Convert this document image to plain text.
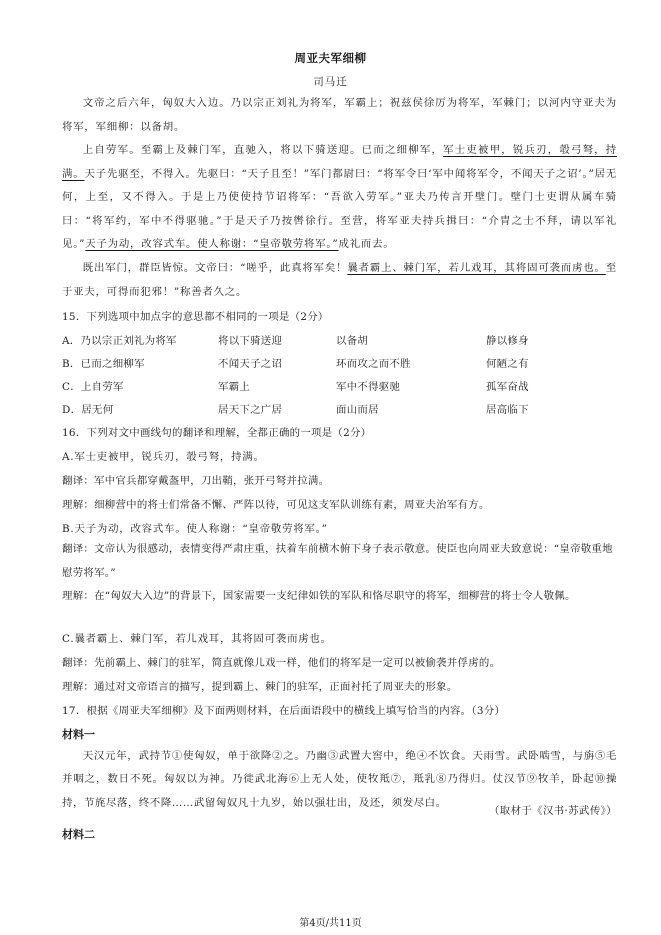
周亚夫军细柳
司马迁

文帝之后六年，匈奴大入边。乃以宗正刘礼为将军，军霸上；祝兹侯徐厉为将军，军棘门；以河内守亚夫为将军，军细柳：以备胡。

上自劳军。至霸上及棘门军，直驰入，将以下骑送迎。已而之细柳军，军士吏被甲，锐兵刃，彀弓弩，持满。天子先驱至，不得入。先驱曰：“天子且至！”军门都尉曰：“将军令曰‘军中闻将军令，不闻天子之诏’。”居无何，上至，又不得入。于是上乃使使持节诏将军：“吾欲入劳军。”亚夫乃传言开壁门。壁门士吏谓从属车骑曰：“将军约，军中不得驱驰。”于是天子乃按辔徐行。至营，将军亚夫持兵揖曰：“介胄之士不拜，请以军礼见。”天子为动，改容式车。使人称谢：“皇帝敬劳将军。”成礼而去。

既出军门，群臣皆惊。文帝曰：“嗟乎，此真将军矣！曩者霸上、棘门军，若儿戏耳，其将固可袭而虏也。至于亚夫，可得而犯邪！”称善者久之。

15．下列选项中加点字的意思都不相同的一项是（2分）
A．乃以宗正刘礼为将军	将以下骑送迎	以备胡	静以修身
B．已而之细柳军	不闻天子之诏	环而攻之而不胜	何陋之有
C．上自劳军	军霸上	军中不得驱驰	孤军奋战
D．居无何	居天下之广居	面山而居	居高临下
16．下列对文中画线句的翻译和理解，全都正确的一项是（2分）
A.军士吏被甲，锐兵刃，彀弓弩，持满。
翻译：军中官兵都穿戴盔甲，刀出鞘，张开弓弩并拉满。
理解：细柳营中的将士们常备不懈、严阵以待，可见这支军队训练有素，周亚夫治军有方。
B.天子为动，改容式车。使人称谢：“皇帝敬劳将军。”

翻译：文帝认为很感动，表情变得严肃庄重，扶着车前横木俯下身子表示敬意。使臣也向周亚夫致意说：“皇帝敬重地慰劳将军。”

理解：在“匈奴大入边”的背景下，国家需要一支纪律如铁的军队和恪尽职守的将军，细柳营的将士令人敬佩。

C.曩者霸上、棘门军，若儿戏耳，其将固可袭而虏也。
翻译：先前霸上、棘门的驻军，简直就像儿戏一样，他们的将军是一定可以被偷袭并俘虏的。
理解：通过对文帝语言的描写，提到霸上、棘门的驻军，正面衬托了周亚夫的形象。
17．根据《周亚夫军细柳》及下面两则材料，在后面语段中的横线上填写恰当的内容。（3分）
材料一

天汉元年，武持节①使匈奴，单于欲降②之。乃幽③武置大窖中，绝④不饮食。天雨雪。武卧啮雪，与旃⑤毛并咽之，数日不死。匈奴以为神。乃徙武北海⑥上无人处，使牧羝⑦，羝乳⑧乃得归。仗汉节⑨牧羊，卧起⑩操持，节旄尽落，终不降……武留匈奴凡十九岁，始以强壮出，及还，须发尽白。

（取材于《汉书·苏武传》）
材料二
第4页/共11页
